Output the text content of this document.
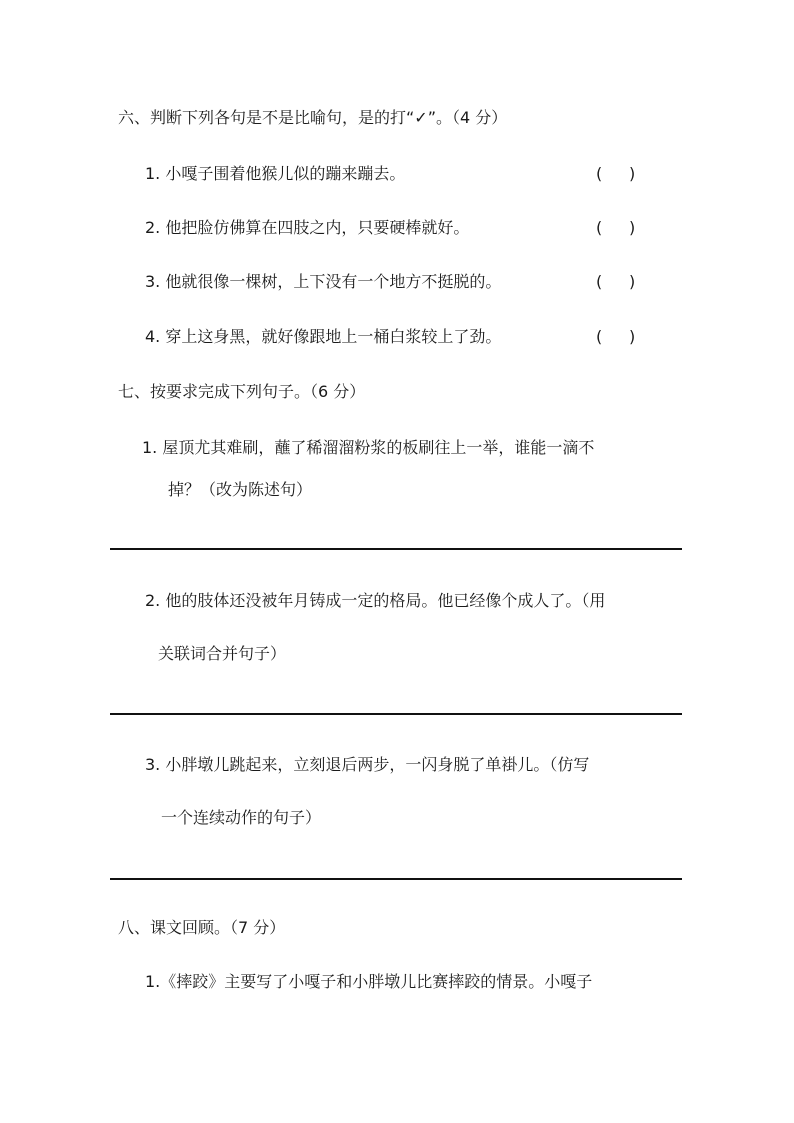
六、判断下列各句是不是比喻句，是的打“✓”。（4 分）
1. 小嘎子围着他猴儿似的蹦来蹦去。	( )
2. 他把脸仿佛算在四肢之内，只要硬棒就好。	( )
3. 他就很像一棵树，上下没有一个地方不挺脱的。	( )
4. 穿上这身黑，就好像跟地上一桶白浆较上了劲。	( )
七、按要求完成下列句子。（6 分）
1. 屋顶尤其难刷，蘸了稀溜溜粉浆的板刷往上一举，谁能一滴不
掉？（改为陈述句）
2. 他的肢体还没被年月铸成一定的格局。他已经像个成人了。（用
关联词合并句子）
3. 小胖墩儿跳起来，立刻退后两步，一闪身脱了单褂儿。（仿写
一个连续动作的句子）
八、课文回顾。（7 分）
1.《摔跤》主要写了小嘎子和小胖墩儿比赛摔跤的情景。小嘎子
